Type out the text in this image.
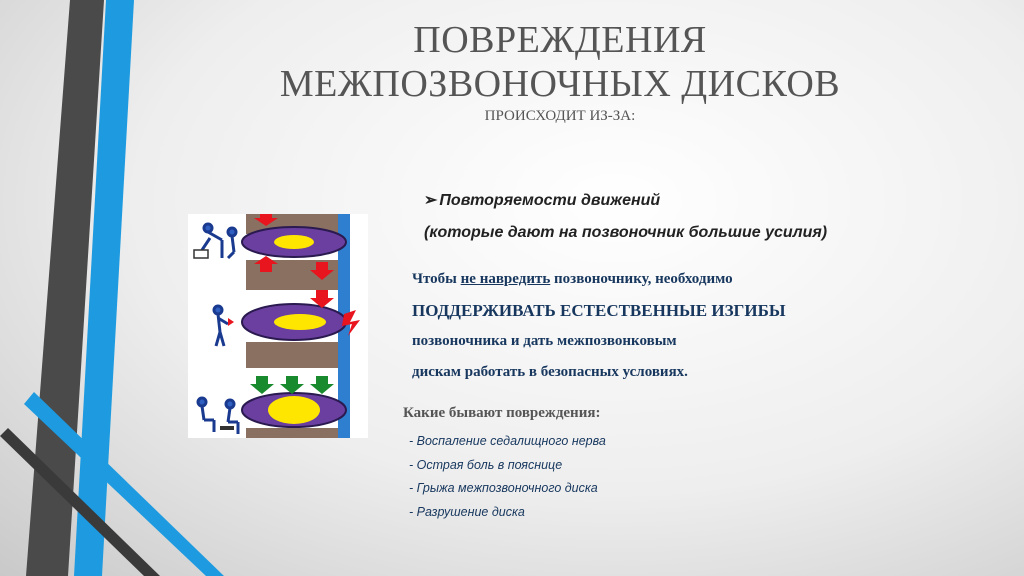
ПОВРЕЖДЕНИЯ
МЕЖПОЗВОНОЧНЫХ ДИСКОВ
ПРОИСХОДИТ ИЗ-ЗА:
➢ Повторяемости движений
(которые дают на позвоночник большие усилия)
Чтобы не навредить позвоночнику, необходимо
ПОДДЕРЖИВАТЬ ЕСТЕСТВЕННЫЕ ИЗГИБЫ
позвоночника и дать межпозвонковым
дискам работать в безопасных условиях.
Какие бывают повреждения:
- Воспаление седалищного нерва
- Острая боль в пояснице
- Грыжа межпозвоночного диска
- Разрушение диска
